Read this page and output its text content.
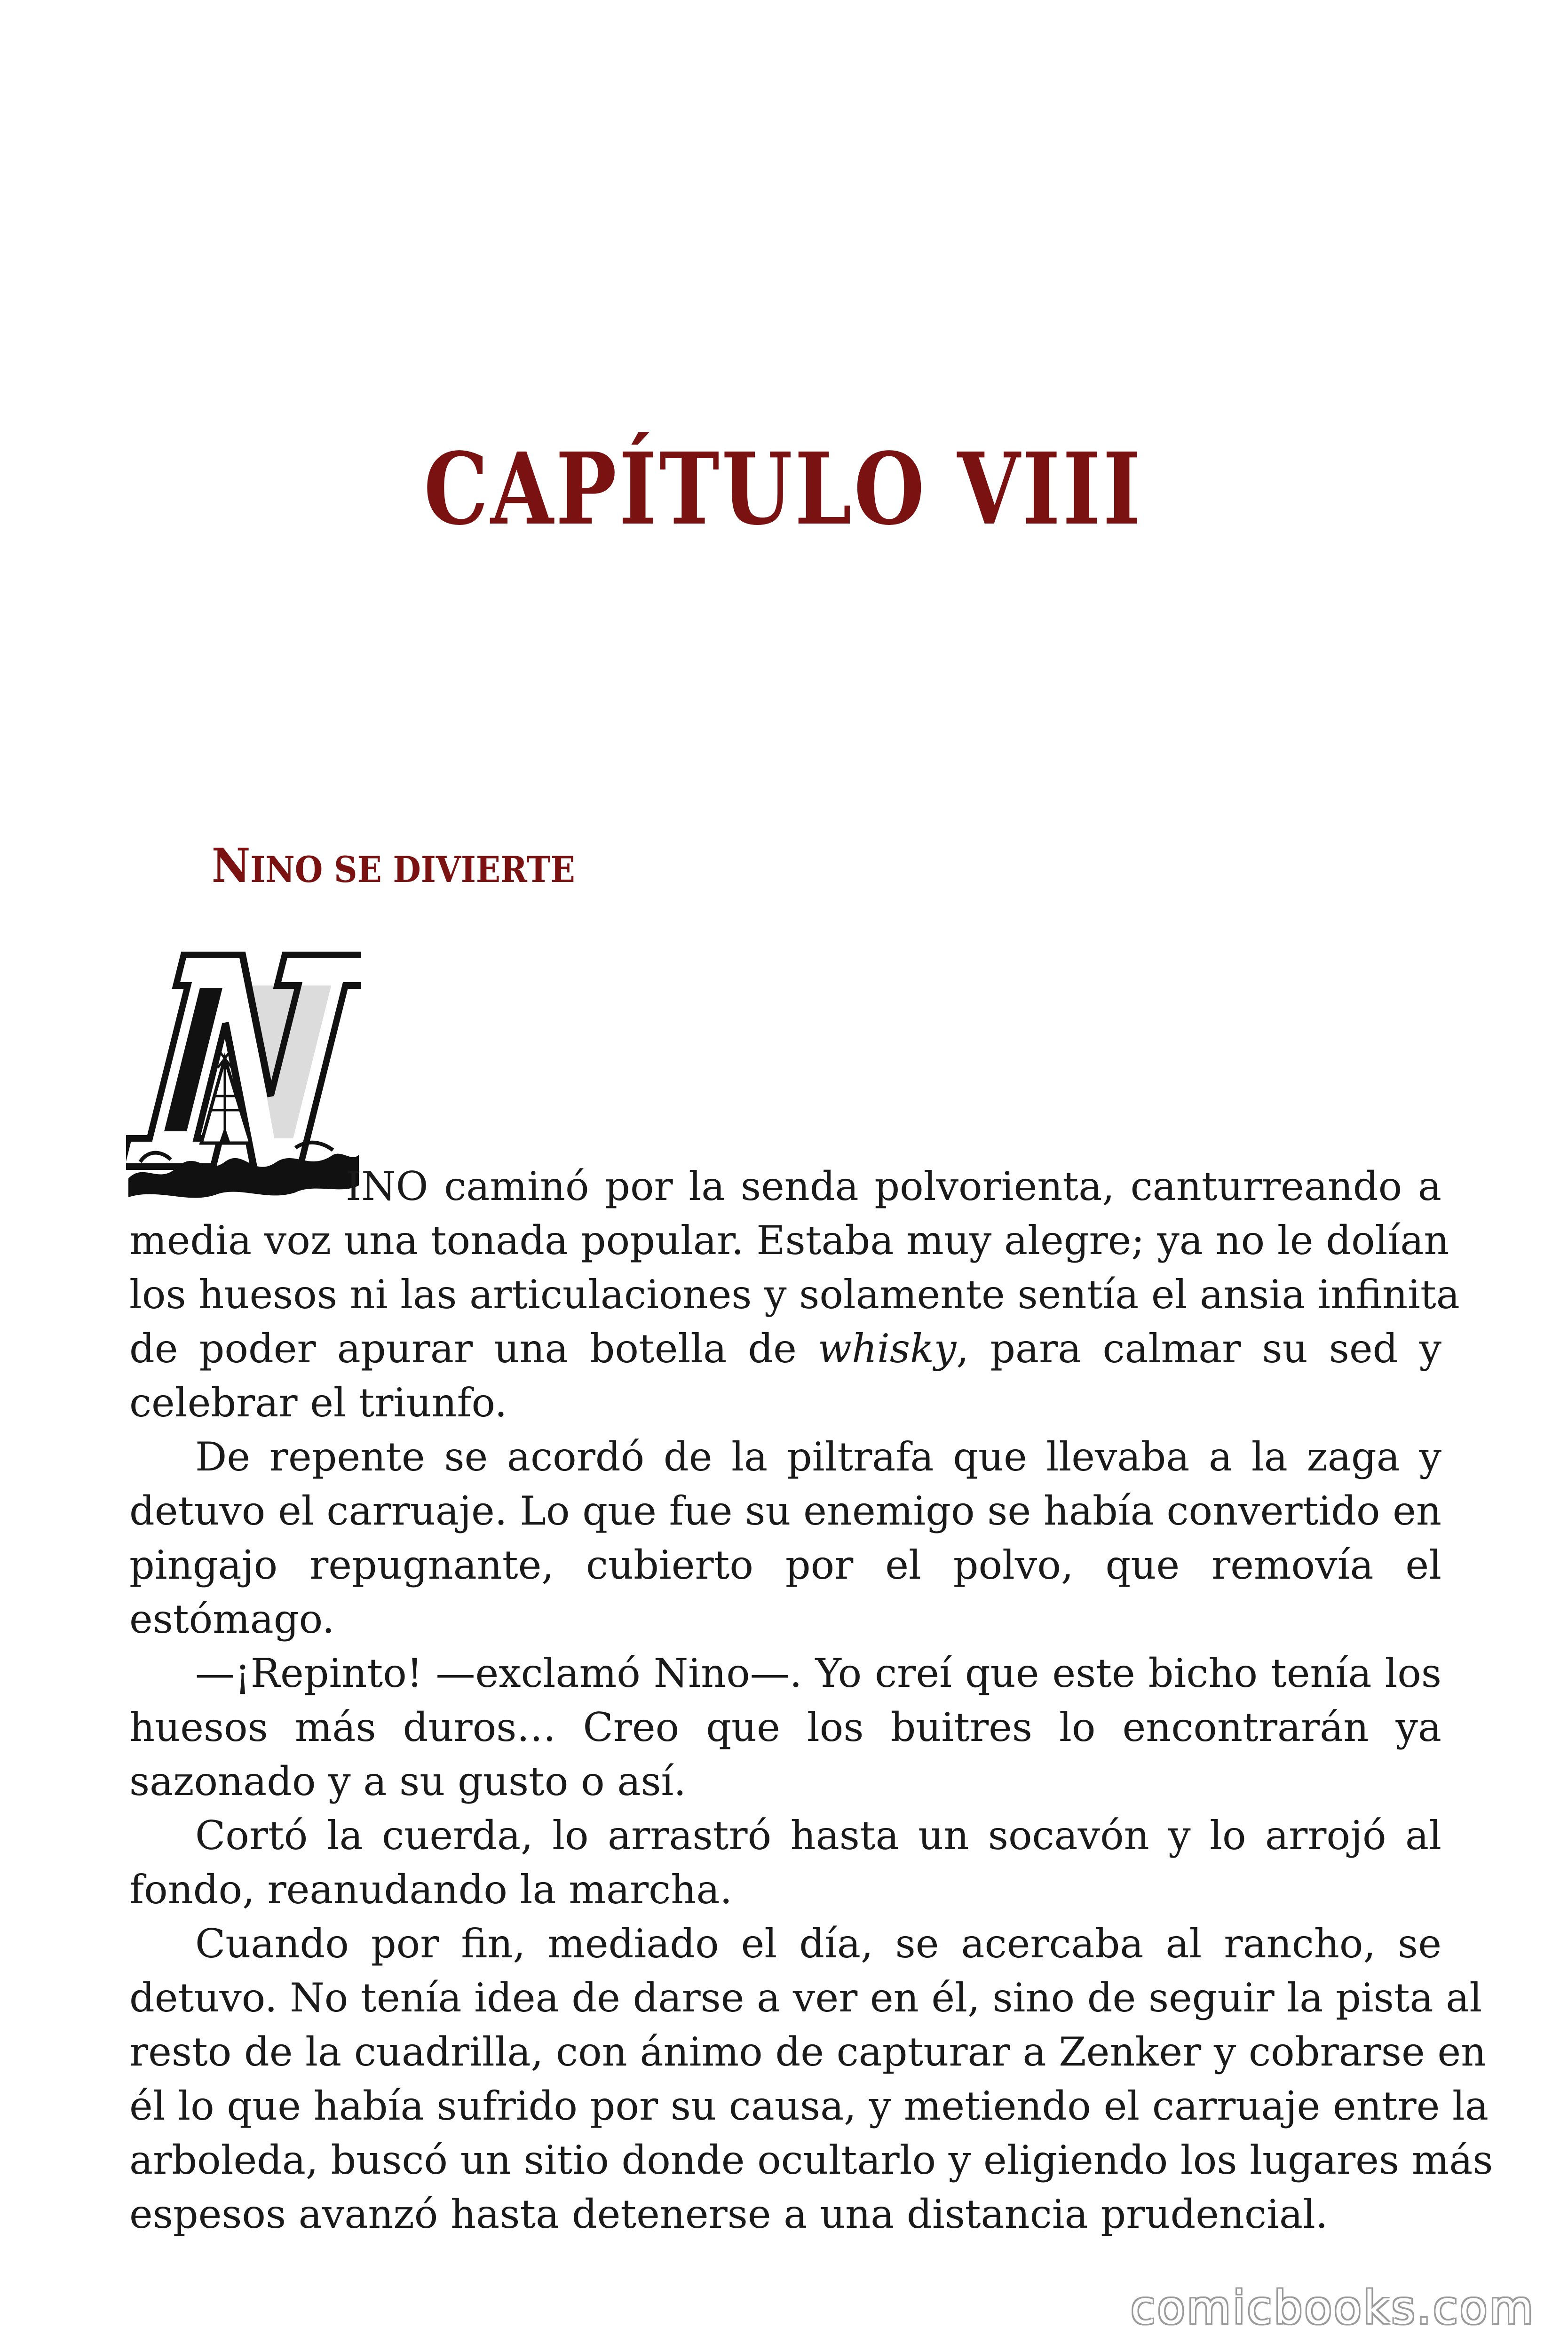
CAPÍTULO VIII
NINO SE DIVIERTE
INO caminó por la senda polvorienta, canturreando a
media voz una tonada popular. Estaba muy alegre; ya no le dolían
los huesos ni las articulaciones y solamente sentía el ansia infinita
de poder apurar una botella de whisky, para calmar su sed y
celebrar el triunfo.
De repente se acordó de la piltrafa que llevaba a la zaga y
detuvo el carruaje. Lo que fue su enemigo se había convertido en
pingajo repugnante, cubierto por el polvo, que removía el
estómago.
—¡Repinto! —exclamó Nino—. Yo creí que este bicho tenía los
huesos más duros… Creo que los buitres lo encontrarán ya
sazonado y a su gusto o así.
Cortó la cuerda, lo arrastró hasta un socavón y lo arrojó al
fondo, reanudando la marcha.
Cuando por fin, mediado el día, se acercaba al rancho, se
detuvo. No tenía idea de darse a ver en él, sino de seguir la pista al
resto de la cuadrilla, con ánimo de capturar a Zenker y cobrarse en
él lo que había sufrido por su causa, y metiendo el carruaje entre la
arboleda, buscó un sitio donde ocultarlo y eligiendo los lugares más
espesos avanzó hasta detenerse a una distancia prudencial.
comicbooks.com
